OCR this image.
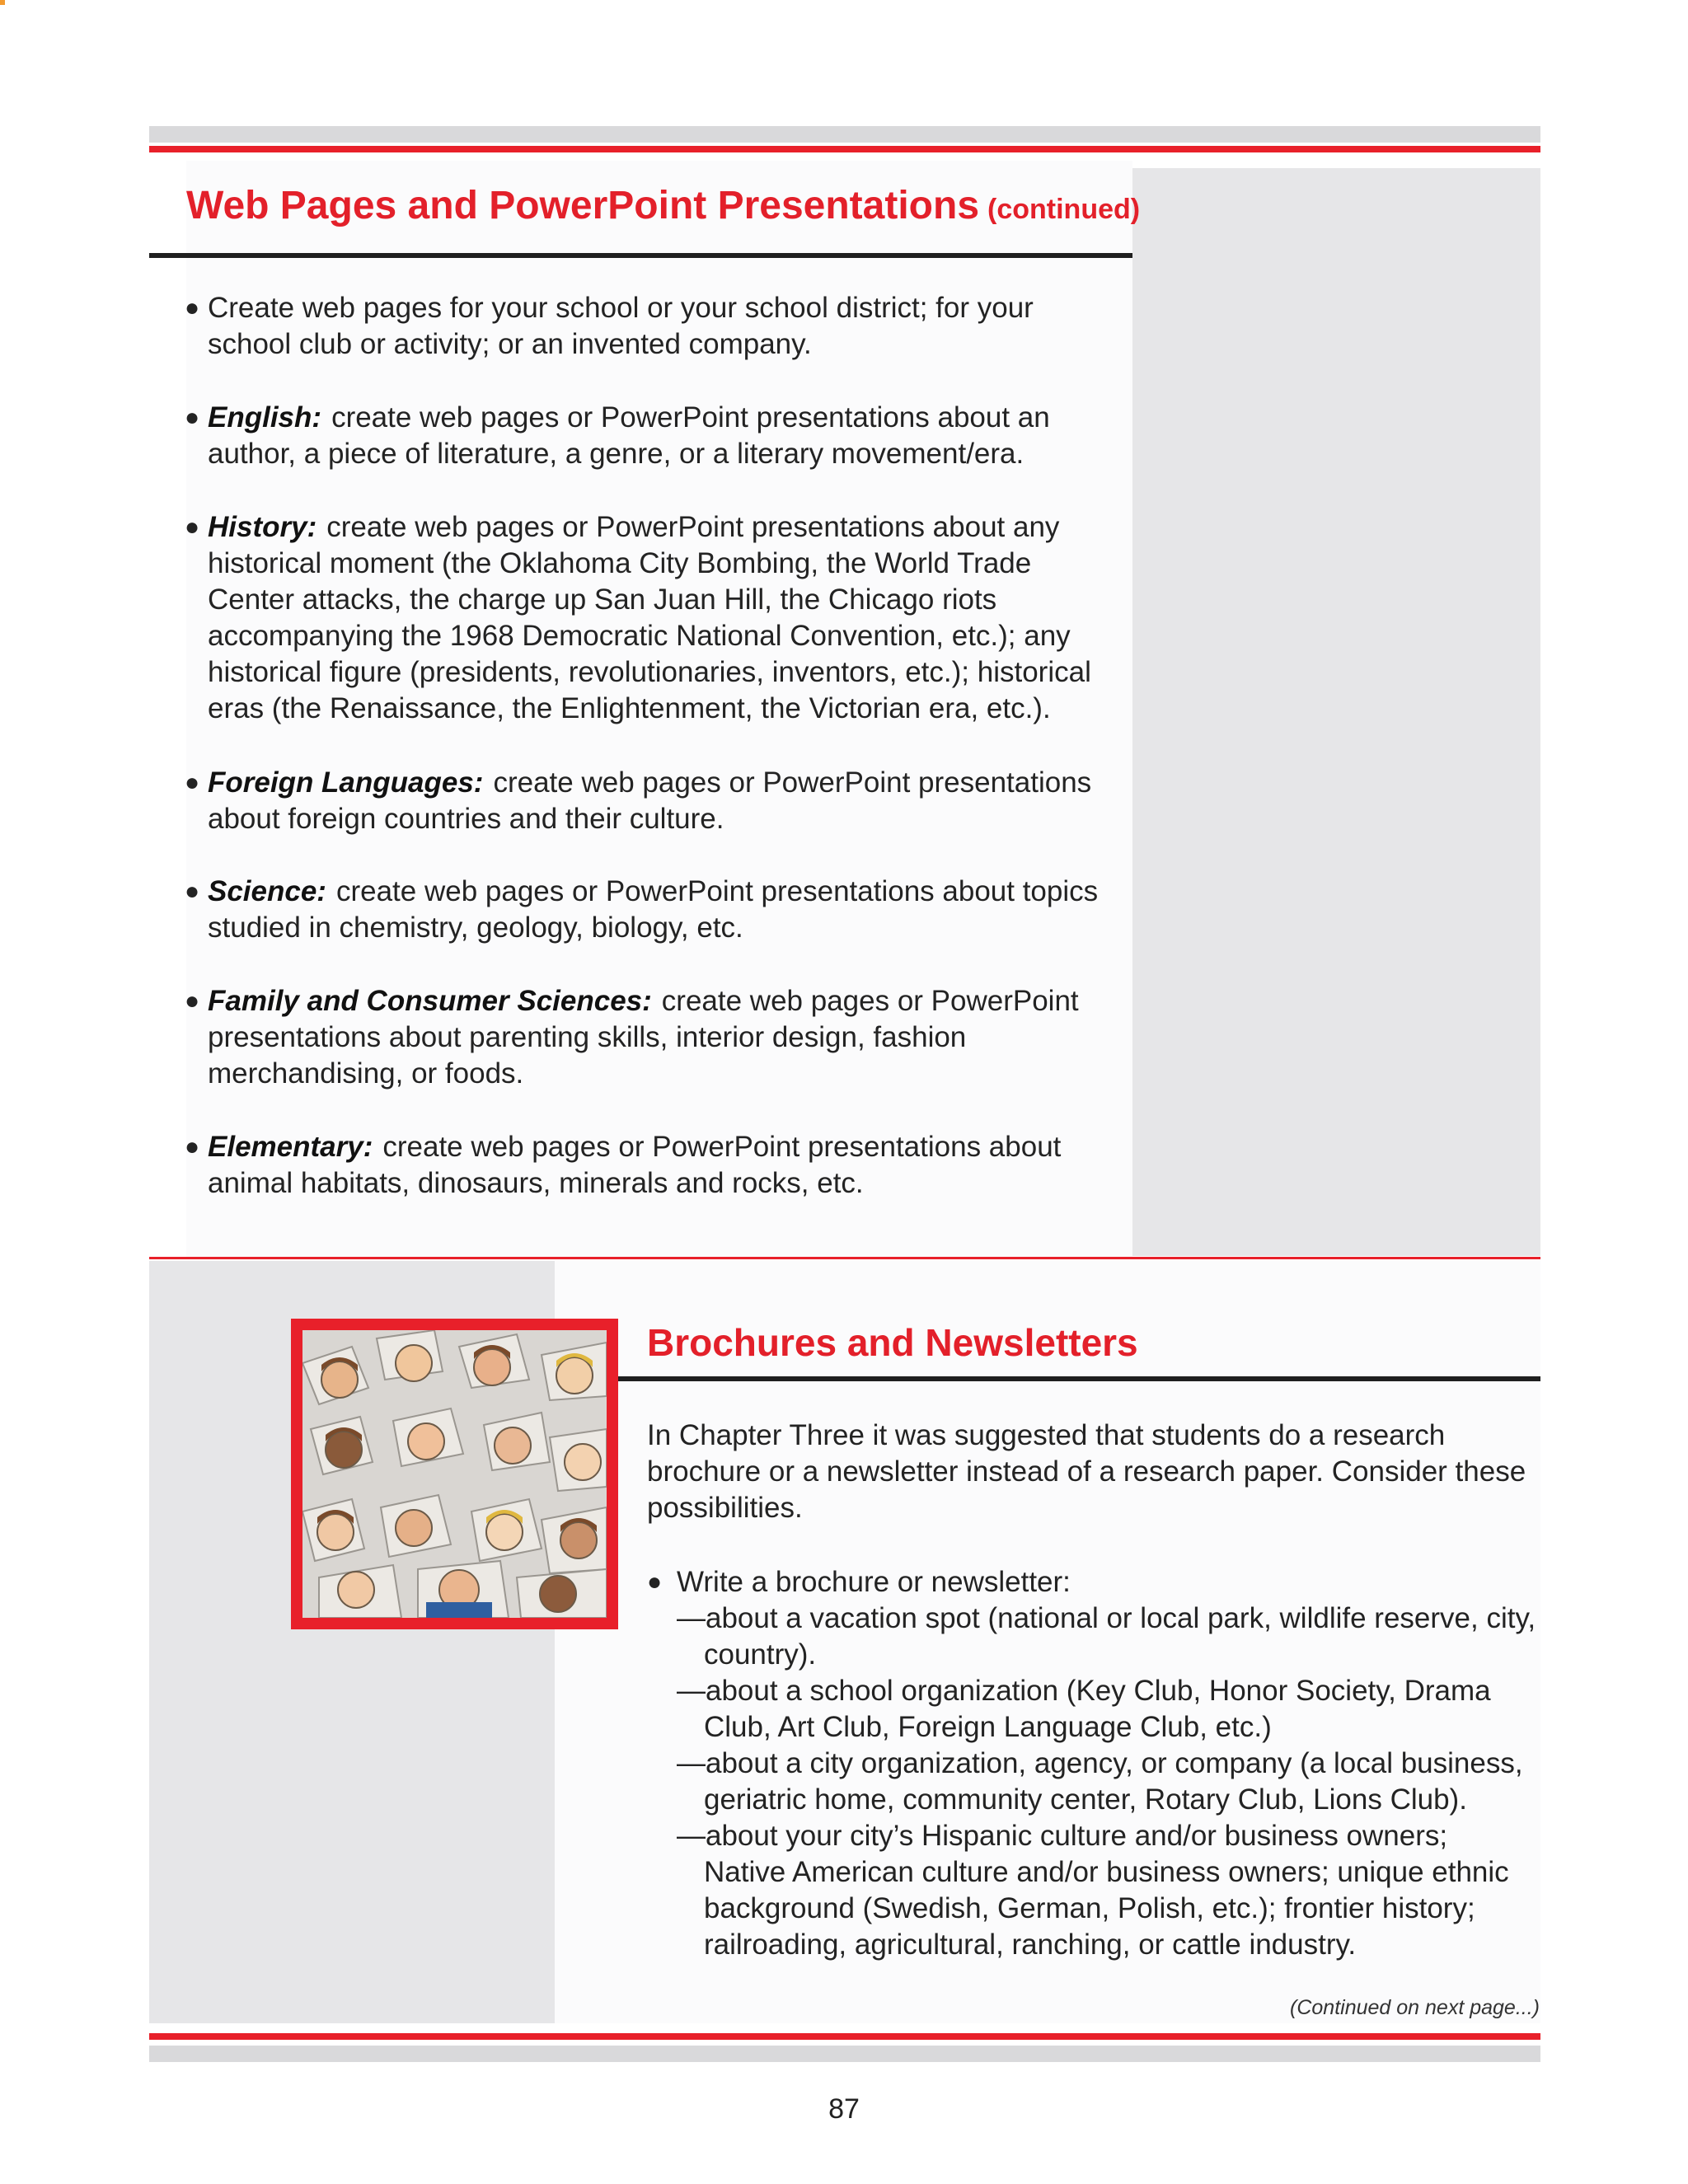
Web Pages and PowerPoint Presentations (continued)
● Create web pages for your school or your school district; for your school club or activity; or an invented company.
● English: create web pages or PowerPoint presentations about an author, a piece of literature, a genre, or a literary movement/era.
● History: create web pages or PowerPoint presentations about any historical moment (the Oklahoma City Bombing, the World Trade Center attacks, the charge up San Juan Hill, the Chicago riots accompanying the 1968 Democratic National Convention, etc.); any historical figure (presidents, revolutionaries, inventors, etc.); historical eras (the Renaissance, the Enlightenment, the Victorian era, etc.).
● Foreign Languages: create web pages or PowerPoint presentations about foreign countries and their culture.
● Science: create web pages or PowerPoint presentations about topics studied in chemistry, geology, biology, etc.
● Family and Consumer Sciences: create web pages or PowerPoint presentations about parenting skills, interior design, fashion merchandising, or foods.
● Elementary: create web pages or PowerPoint presentations about animal habitats, dinosaurs, minerals and rocks, etc.
Brochures and Newsletters
In Chapter Three it was suggested that students do a research brochure or a newsletter instead of a research paper. Consider these possibilities.
● Write a brochure or newsletter:
—about a vacation spot (national or local park, wildlife reserve, city, country).
—about a school organization (Key Club, Honor Society, Drama Club, Art Club, Foreign Language Club, etc.)
—about a city organization, agency, or company (a local business, geriatric home, community center, Rotary Club, Lions Club).
—about your city’s Hispanic culture and/or business owners; Native American culture and/or business owners; unique ethnic background (Swedish, German, Polish, etc.); frontier history; railroading, agricultural, ranching, or cattle industry.
(Continued on next page...)
87
